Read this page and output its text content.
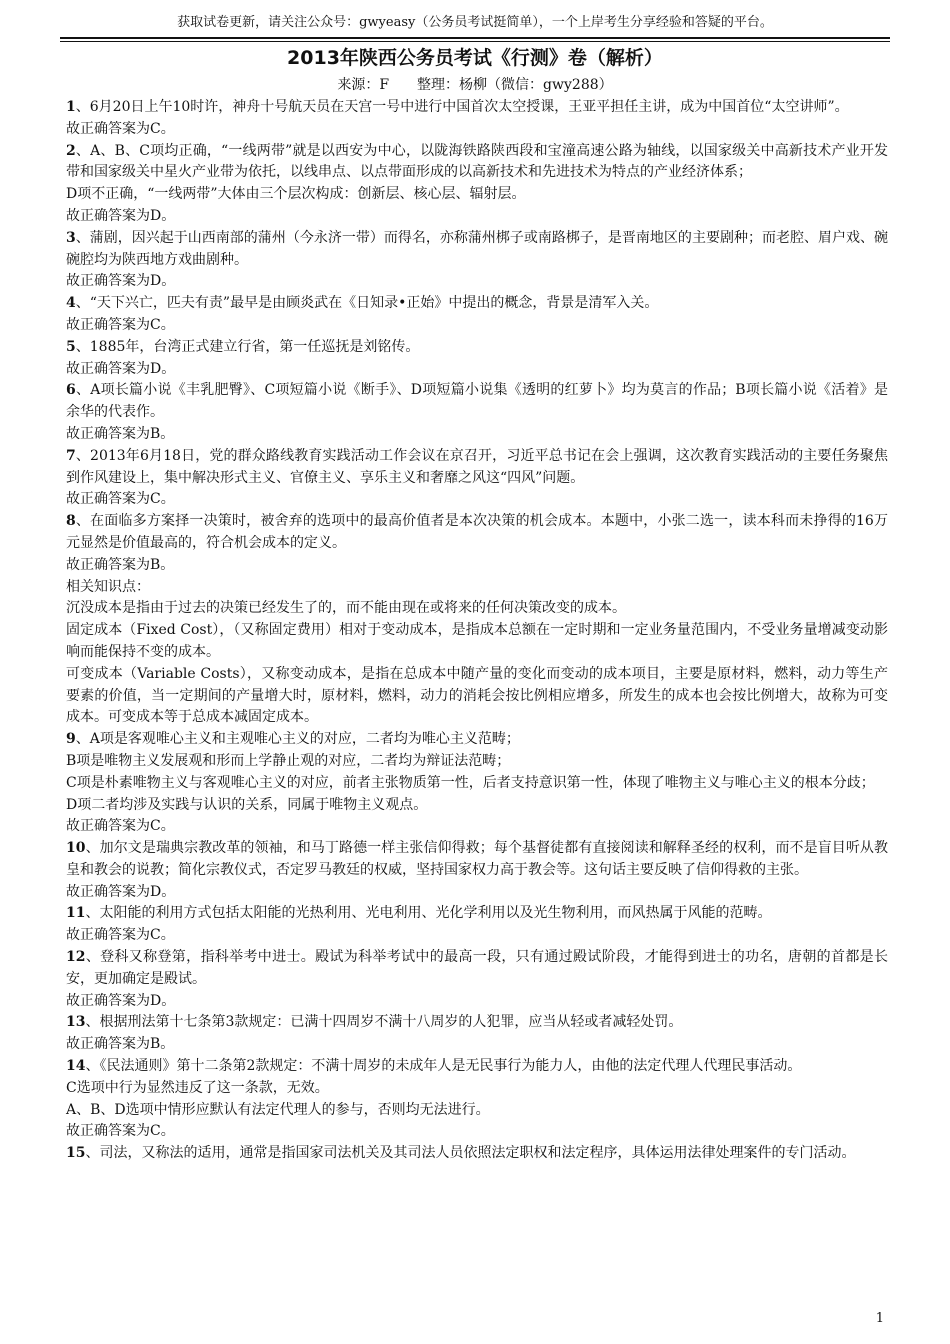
获取试卷更新，请关注公众号：gwyeasy（公务员考试挺简单），一个上岸考生分享经验和答疑的平台。
2013年陕西公务员考试《行测》卷（解析）
来源：F　　整理：杨柳（微信：gwy288）

1、6月20日上午10时许，神舟十号航天员在天宫一号中进行中国首次太空授课，王亚平担任主讲，成为中国首位“太空讲师”。

故正确答案为C。

2、A、B、C项均正确，“一线两带”就是以西安为中心，以陇海铁路陕西段和宝潼高速公路为轴线，以国家级关中高新技术产业开发带和国家级关中星火产业带为依托，以线串点、以点带面形成的以高新技术和先进技术为特点的产业经济体系；

D项不正确，“一线两带”大体由三个层次构成：创新层、核心层、辐射层。

故正确答案为D。

3、蒲剧，因兴起于山西南部的蒲州（今永济一带）而得名，亦称蒲州梆子或南路梆子，是晋南地区的主要剧种；而老腔、眉户戏、碗碗腔均为陕西地方戏曲剧种。

故正确答案为D。

4、“天下兴亡，匹夫有责”最早是由顾炎武在《日知录•正始》中提出的概念，背景是清军入关。

故正确答案为C。

5、1885年，台湾正式建立行省，第一任巡抚是刘铭传。

故正确答案为D。

6、A项长篇小说《丰乳肥臀》、C项短篇小说《断手》、D项短篇小说集《透明的红萝卜》均为莫言的作品；B项长篇小说《活着》是余华的代表作。

故正确答案为B。

7、2013年6月18日，党的群众路线教育实践活动工作会议在京召开，习近平总书记在会上强调，这次教育实践活动的主要任务聚焦到作风建设上，集中解决形式主义、官僚主义、享乐主义和奢靡之风这“四风”问题。

故正确答案为C。

8、在面临多方案择一决策时，被舍弃的选项中的最高价值者是本次决策的机会成本。本题中，小张二选一，读本科而未挣得的16万元显然是价值最高的，符合机会成本的定义。

故正确答案为B。

相关知识点：

沉没成本是指由于过去的决策已经发生了的，而不能由现在或将来的任何决策改变的成本。

固定成本（Fixed Cost），（又称固定费用）相对于变动成本，是指成本总额在一定时期和一定业务量范围内，不受业务量增减变动影响而能保持不变的成本。

可变成本（Variable Costs），又称变动成本，是指在总成本中随产量的变化而变动的成本项目，主要是原材料，燃料，动力等生产要素的价值，当一定期间的产量增大时，原材料，燃料，动力的消耗会按比例相应增多，所发生的成本也会按比例增大，故称为可变成本。可变成本等于总成本减固定成本。

9、A项是客观唯心主义和主观唯心主义的对应，二者均为唯心主义范畴；

B项是唯物主义发展观和形而上学静止观的对应，二者均为辩证法范畴；

C项是朴素唯物主义与客观唯心主义的对应，前者主张物质第一性，后者支持意识第一性，体现了唯物主义与唯心主义的根本分歧；

D项二者均涉及实践与认识的关系，同属于唯物主义观点。

故正确答案为C。

10、加尔文是瑞典宗教改革的领袖，和马丁路德一样主张信仰得救；每个基督徒都有直接阅读和解释圣经的权利，而不是盲目听从教皇和教会的说教；简化宗教仪式，否定罗马教廷的权威，坚持国家权力高于教会等。这句话主要反映了信仰得救的主张。

故正确答案为D。

11、太阳能的利用方式包括太阳能的光热利用、光电利用、光化学利用以及光生物利用，而风热属于风能的范畴。

故正确答案为C。

12、登科又称登第，指科举考中进士。殿试为科举考试中的最高一段，只有通过殿试阶段，才能得到进士的功名，唐朝的首都是长安，更加确定是殿试。

故正确答案为D。

13、根据刑法第十七条第3款规定：已满十四周岁不满十八周岁的人犯罪，应当从轻或者减轻处罚。

故正确答案为B。

14、《民法通则》第十二条第2款规定：不满十周岁的未成年人是无民事行为能力人，由他的法定代理人代理民事活动。

C选项中行为显然违反了这一条款，无效。

A、B、D选项中情形应默认有法定代理人的参与，否则均无法进行。

故正确答案为C。

15、司法，又称法的适用，通常是指国家司法机关及其司法人员依照法定职权和法定程序，具体运用法律处理案件的专门活动。

1
